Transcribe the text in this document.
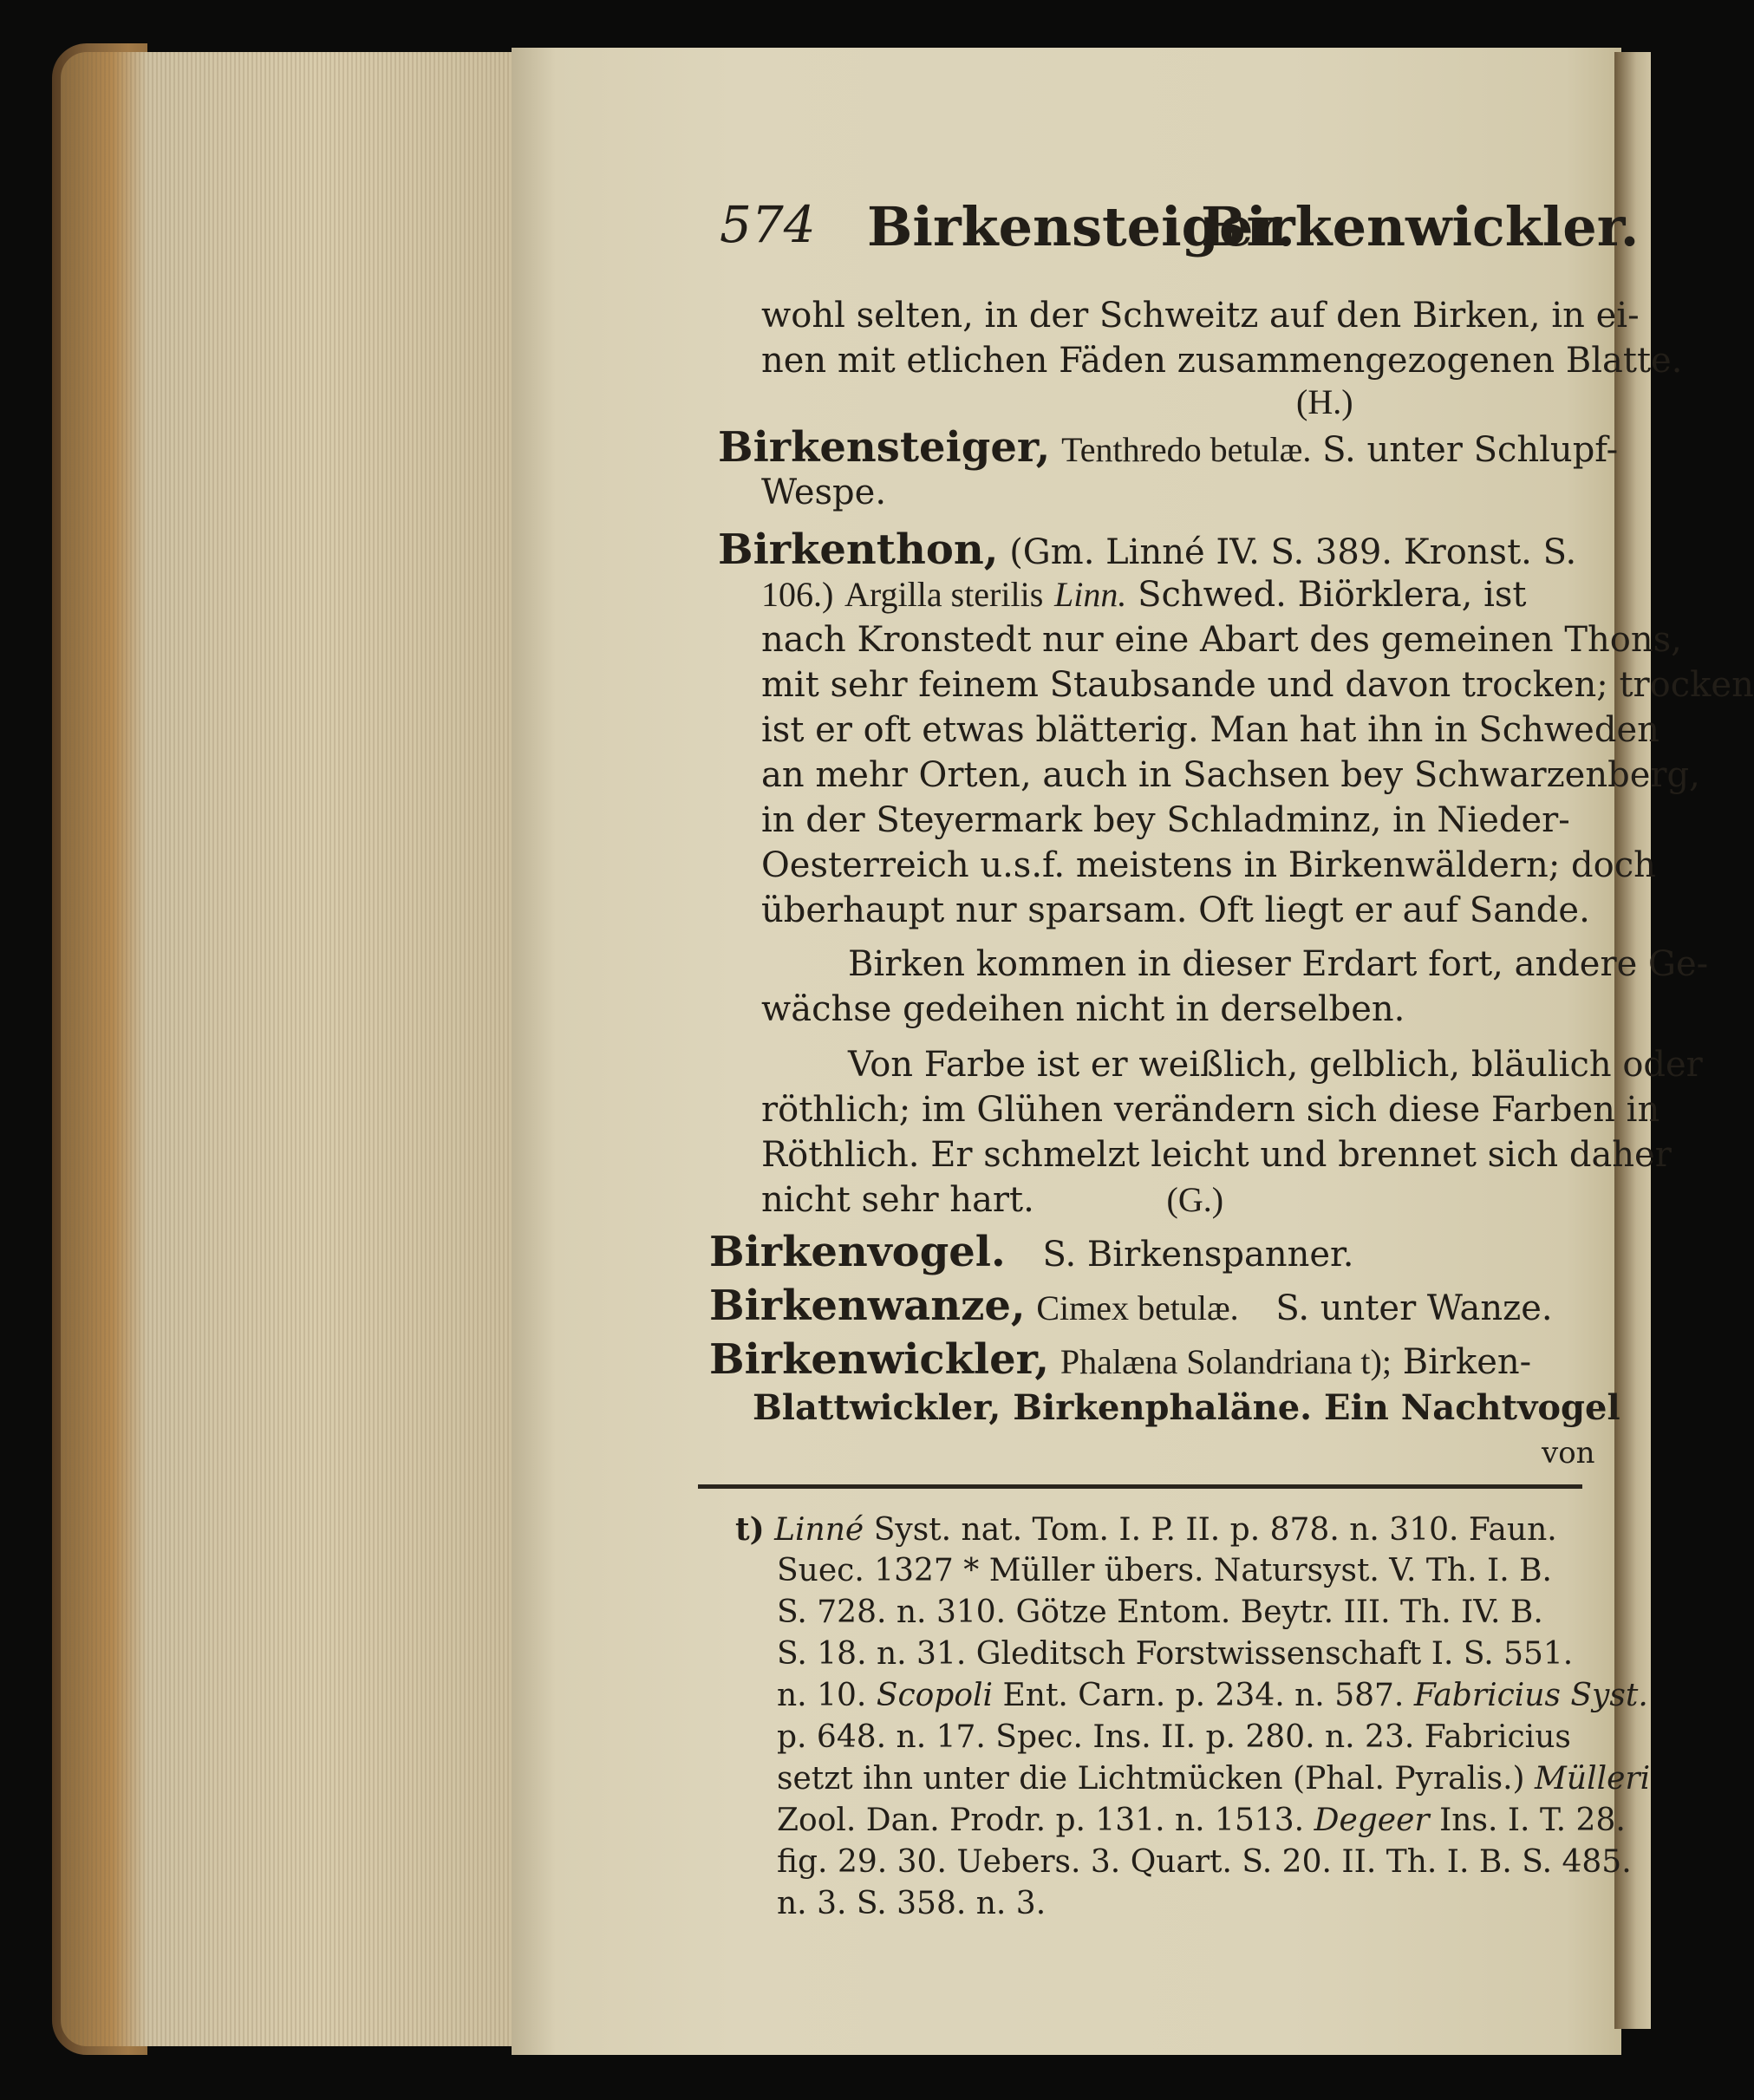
574 Birkensteiger.
Birkenwickler.
wohl selten, in der Schweitz auf den Birken, in ei-
nen mit etlichen Fäden zusammengezogenen Blatte.
(H.)
Birkensteiger, Tenthredo betulæ. S. unter Schlupf-
Wespe.
Birkenthon, (Gm. Linné IV. S. 389. Kronst. S.
106.) Argilla sterilis Linn. Schwed. Biörklera, ist
nach Kronstedt nur eine Abart des gemeinen Thons,
mit sehr feinem Staubsande und davon trocken; trocken
ist er oft etwas blätterig. Man hat ihn in Schweden
an mehr Orten, auch in Sachsen bey Schwarzenberg,
in der Steyermark bey Schladminz, in Nieder-
Oesterreich u.s.f. meistens in Birkenwäldern; doch
überhaupt nur sparsam. Oft liegt er auf Sande.
Birken kommen in dieser Erdart fort, andere Ge-
wächse gedeihen nicht in derselben.
Von Farbe ist er weißlich, gelblich, bläulich oder
röthlich; im Glühen verändern sich diese Farben in
Röthlich. Er schmelzt leicht und brennet sich daher
nicht sehr hart.	(G.)
Birkenvogel. S. Birkenspanner.
Birkenwanze, Cimex betulæ. S. unter Wanze.
Birkenwickler, Phalæna Solandriana t); Birken-
Blattwickler, Birkenphaläne. Ein Nachtvogel
von

t) Linné Syst. nat. Tom. I. P. II. p. 878. n. 310. Faun.
Suec. 1327 * Müller übers. Natursyst. V. Th. I. B.
S. 728. n. 310. Götze Entom. Beytr. III. Th. IV. B.
S. 18. n. 31. Gleditsch Forstwissenschaft I. S. 551.
n. 10. Scopoli Ent. Carn. p. 234. n. 587. Fabricius Syst.
p. 648. n. 17. Spec. Ins. II. p. 280. n. 23. Fabricius
setzt ihn unter die Lichtmücken (Phal. Pyralis.) Mülleri
Zool. Dan. Prodr. p. 131. n. 1513. Degeer Ins. I. T. 28.
fig. 29. 30. Uebers. 3. Quart. S. 20. II. Th. I. B. S. 485.
n. 3. S. 358. n. 3.
